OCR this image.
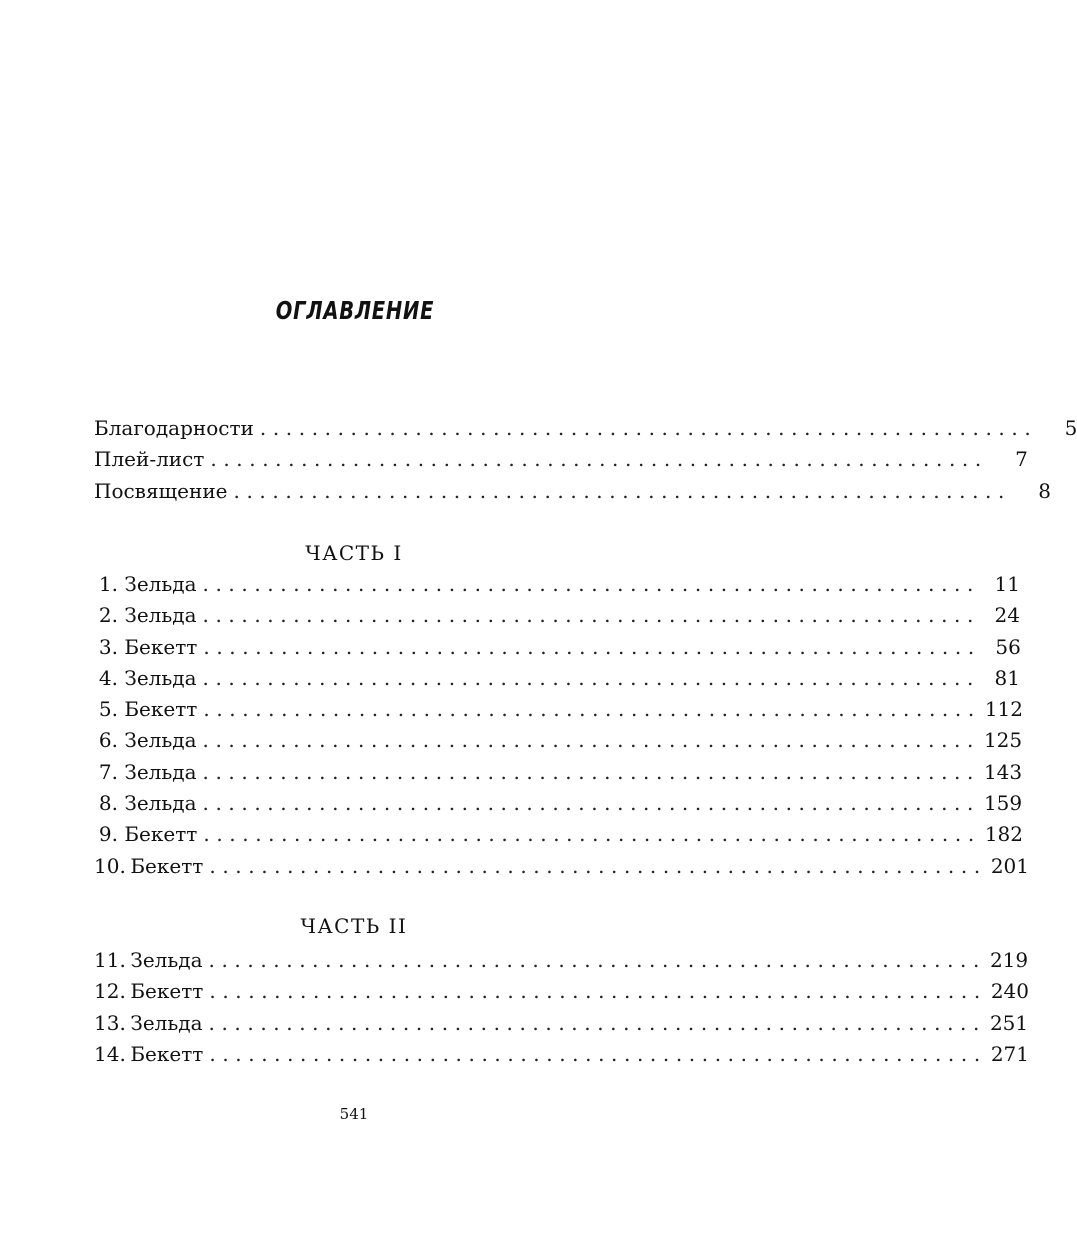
ОГЛАВЛЕНИЕ
Благодарности ............................................................	5
Плей-лист ............................................................	7
Посвящение ............................................................	8
ЧАСТЬ I
1. Зельда ............................................................ 11
2. Зельда ............................................................ 24
3. Бекетт ............................................................ 56
4. Зельда ............................................................ 81
5. Бекетт ............................................................ 112
6. Зельда ............................................................ 125
7. Зельда ............................................................ 143
8. Зельда ............................................................ 159
9. Бекетт ............................................................ 182
10. Бекетт ............................................................ 201
ЧАСТЬ II
11. Зельда ............................................................ 219
12. Бекетт ............................................................ 240
13. Зельда ............................................................ 251
14. Бекетт ............................................................ 271
541
